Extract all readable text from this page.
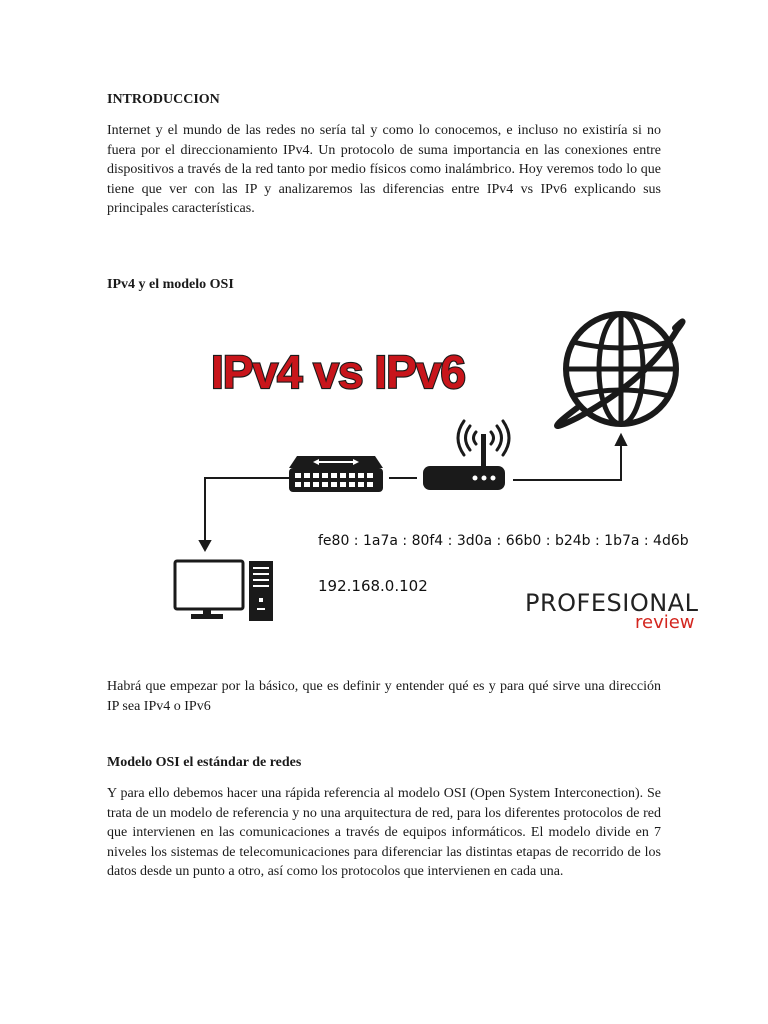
INTRODUCCION

Internet y el mundo de las redes no sería tal y como lo conocemos, e incluso no existiría si no fuera por el direccionamiento IPv4. Un protocolo de suma importancia en las conexiones entre dispositivos a través de la red tanto por medio físicos como inalámbrico. Hoy veremos todo lo que tiene que ver con las IP y analizaremos las diferencias entre IPv4 vs IPv6 explicando sus principales características.

IPv4 y el modelo OSI
IPv4 vs IPv6
fe80 : 1a7a : 80f4 : 3d0a : 66b0 : b24b : 1b7a : 4d6b
192.168.0.102
PROFESIONAL
review

Habrá que empezar por la básico, que es definir y entender qué es y para qué sirve una dirección IP sea IPv4 o IPv6

Modelo OSI el estándar de redes

Y para ello debemos hacer una rápida referencia al modelo OSI (Open System Interconection). Se trata de un modelo de referencia y no una arquitectura de red, para los diferentes protocolos de red que intervienen en las comunicaciones a través de equipos informáticos. El modelo divide en 7 niveles los sistemas de telecomunicaciones para diferenciar las distintas etapas de recorrido de los datos desde un punto a otro, así como los protocolos que intervienen en cada una.
